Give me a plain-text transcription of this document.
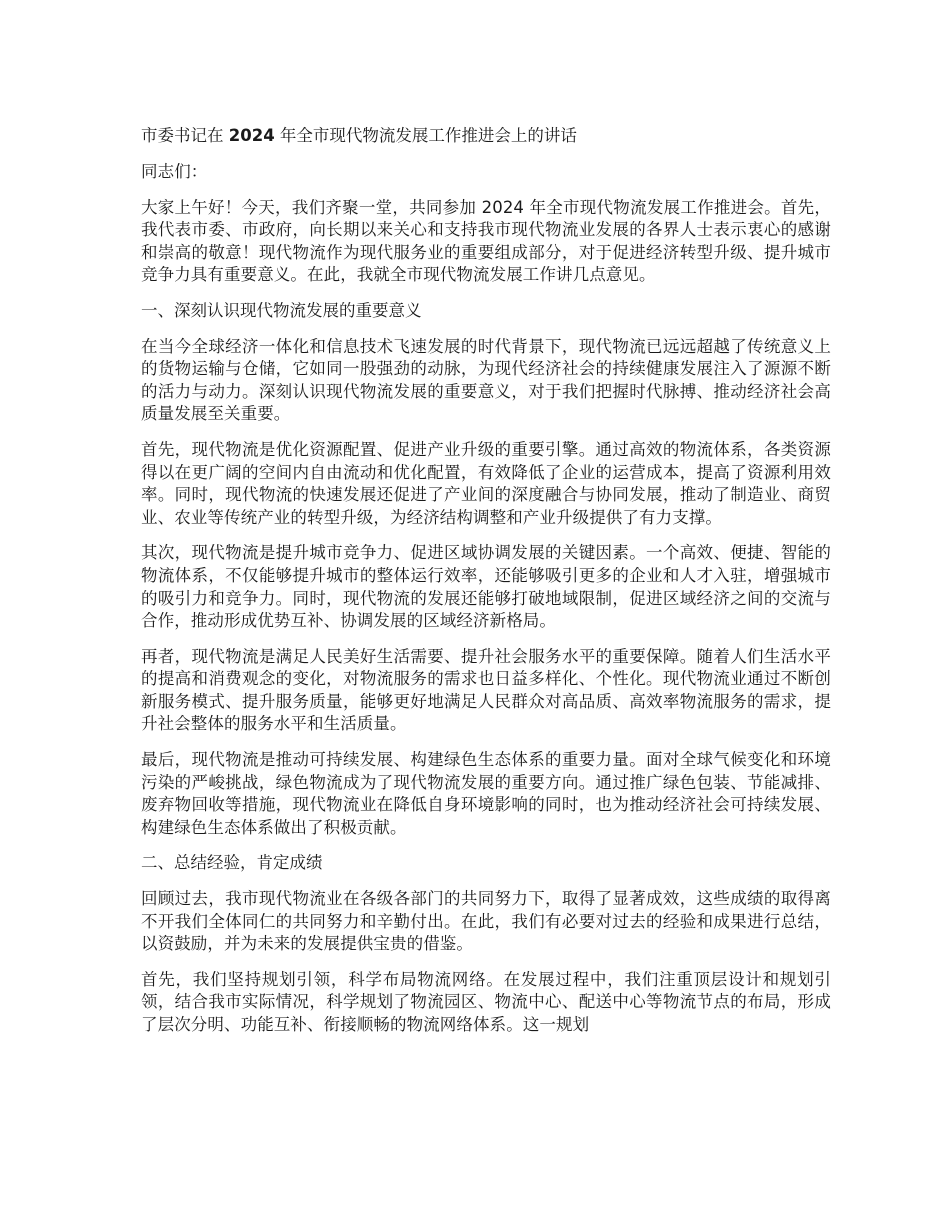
市委书记在 2024 年全市现代物流发展工作推进会上的讲话
同志们：
大家上午好！今天，我们齐聚一堂，共同参加 2024 年全市现代物流发展工作推进会。首先，我代表市委、市政府，向长期以来关心和支持我市现代物流业发展的各界人士表示衷心的感谢和崇高的敬意！现代物流作为现代服务业的重要组成部分，对于促进经济转型升级、提升城市竞争力具有重要意义。在此，我就全市现代物流发展工作讲几点意见。
一、深刻认识现代物流发展的重要意义
在当今全球经济一体化和信息技术飞速发展的时代背景下，现代物流已远远超越了传统意义上的货物运输与仓储，它如同一股强劲的动脉，为现代经济社会的持续健康发展注入了源源不断的活力与动力。深刻认识现代物流发展的重要意义，对于我们把握时代脉搏、推动经济社会高质量发展至关重要。
首先，现代物流是优化资源配置、促进产业升级的重要引擎。通过高效的物流体系，各类资源得以在更广阔的空间内自由流动和优化配置，有效降低了企业的运营成本，提高了资源利用效率。同时，现代物流的快速发展还促进了产业间的深度融合与协同发展，推动了制造业、商贸业、农业等传统产业的转型升级，为经济结构调整和产业升级提供了有力支撑。
其次，现代物流是提升城市竞争力、促进区域协调发展的关键因素。一个高效、便捷、智能的物流体系，不仅能够提升城市的整体运行效率，还能够吸引更多的企业和人才入驻，增强城市的吸引力和竞争力。同时，现代物流的发展还能够打破地域限制，促进区域经济之间的交流与合作，推动形成优势互补、协调发展的区域经济新格局。
再者，现代物流是满足人民美好生活需要、提升社会服务水平的重要保障。随着人们生活水平的提高和消费观念的变化，对物流服务的需求也日益多样化、个性化。现代物流业通过不断创新服务模式、提升服务质量，能够更好地满足人民群众对高品质、高效率物流服务的需求，提升社会整体的服务水平和生活质量。
最后，现代物流是推动可持续发展、构建绿色生态体系的重要力量。面对全球气候变化和环境污染的严峻挑战，绿色物流成为了现代物流发展的重要方向。通过推广绿色包装、节能减排、废弃物回收等措施，现代物流业在降低自身环境影响的同时，也为推动经济社会可持续发展、构建绿色生态体系做出了积极贡献。
二、总结经验，肯定成绩
回顾过去，我市现代物流业在各级各部门的共同努力下，取得了显著成效，这些成绩的取得离不开我们全体同仁的共同努力和辛勤付出。在此，我们有必要对过去的经验和成果进行总结，以资鼓励，并为未来的发展提供宝贵的借鉴。
首先，我们坚持规划引领，科学布局物流网络。在发展过程中，我们注重顶层设计和规划引领，结合我市实际情况，科学规划了物流园区、物流中心、配送中心等物流节点的布局，形成了层次分明、功能互补、衔接顺畅的物流网络体系。这一规划
